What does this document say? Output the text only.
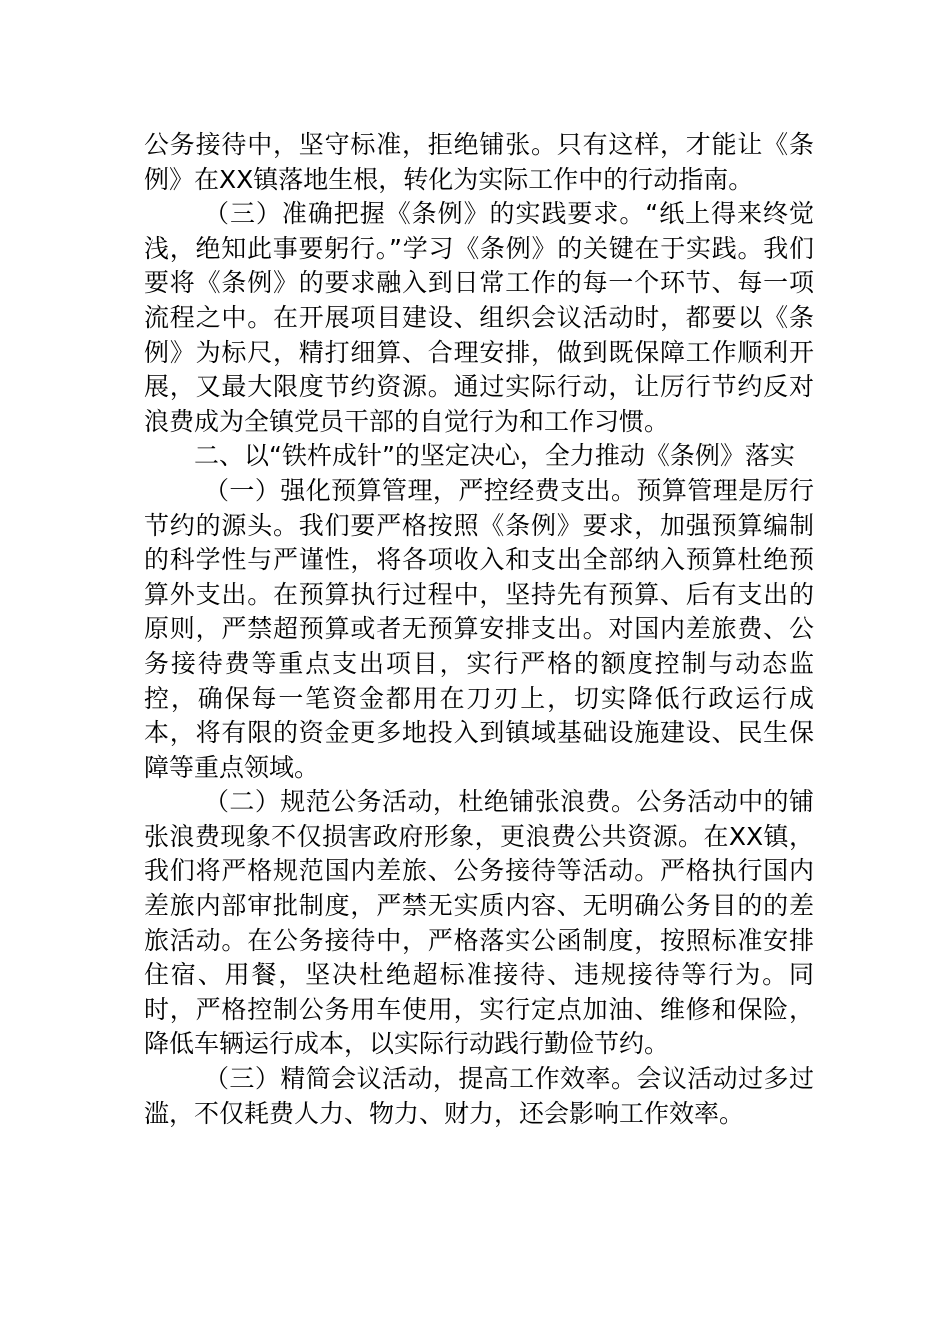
公务接待中，坚守标准，拒绝铺张。只有这样，才能让《条例》在XX镇落地生根，转化为实际工作中的行动指南。

（三）准确把握《条例》的实践要求。“纸上得来终觉浅，绝知此事要躬行。”学习《条例》的关键在于实践。我们要将《条例》的要求融入到日常工作的每一个环节、每一项流程之中。在开展项目建设、组织会议活动时，都要以《条例》为标尺，精打细算、合理安排，做到既保障工作顺利开展，又最大限度节约资源。通过实际行动，让厉行节约反对浪费成为全镇党员干部的自觉行为和工作习惯。

二、以“铁杵成针”的坚定决心，全力推动《条例》落实

（一）强化预算管理，严控经费支出。预算管理是厉行节约的源头。我们要严格按照《条例》要求，加强预算编制的科学性与严谨性，将各项收入和支出全部纳入预算杜绝预算外支出。在预算执行过程中，坚持先有预算、后有支出的原则，严禁超预算或者无预算安排支出。对国内差旅费、公务接待费等重点支出项目，实行严格的额度控制与动态监控，确保每一笔资金都用在刀刃上，切实降低行政运行成本，将有限的资金更多地投入到镇域基础设施建设、民生保障等重点领域。

（二）规范公务活动，杜绝铺张浪费。公务活动中的铺张浪费现象不仅损害政府形象，更浪费公共资源。在XX镇，我们将严格规范国内差旅、公务接待等活动。严格执行国内差旅内部审批制度，严禁无实质内容、无明确公务目的的差旅活动。在公务接待中，严格落实公函制度，按照标准安排住宿、用餐，坚决杜绝超标准接待、违规接待等行为。同时，严格控制公务用车使用，实行定点加油、维修和保险，降低车辆运行成本，以实际行动践行勤俭节约。

（三）精简会议活动，提高工作效率。会议活动过多过滥，不仅耗费人力、物力、财力，还会影响工作效率。
